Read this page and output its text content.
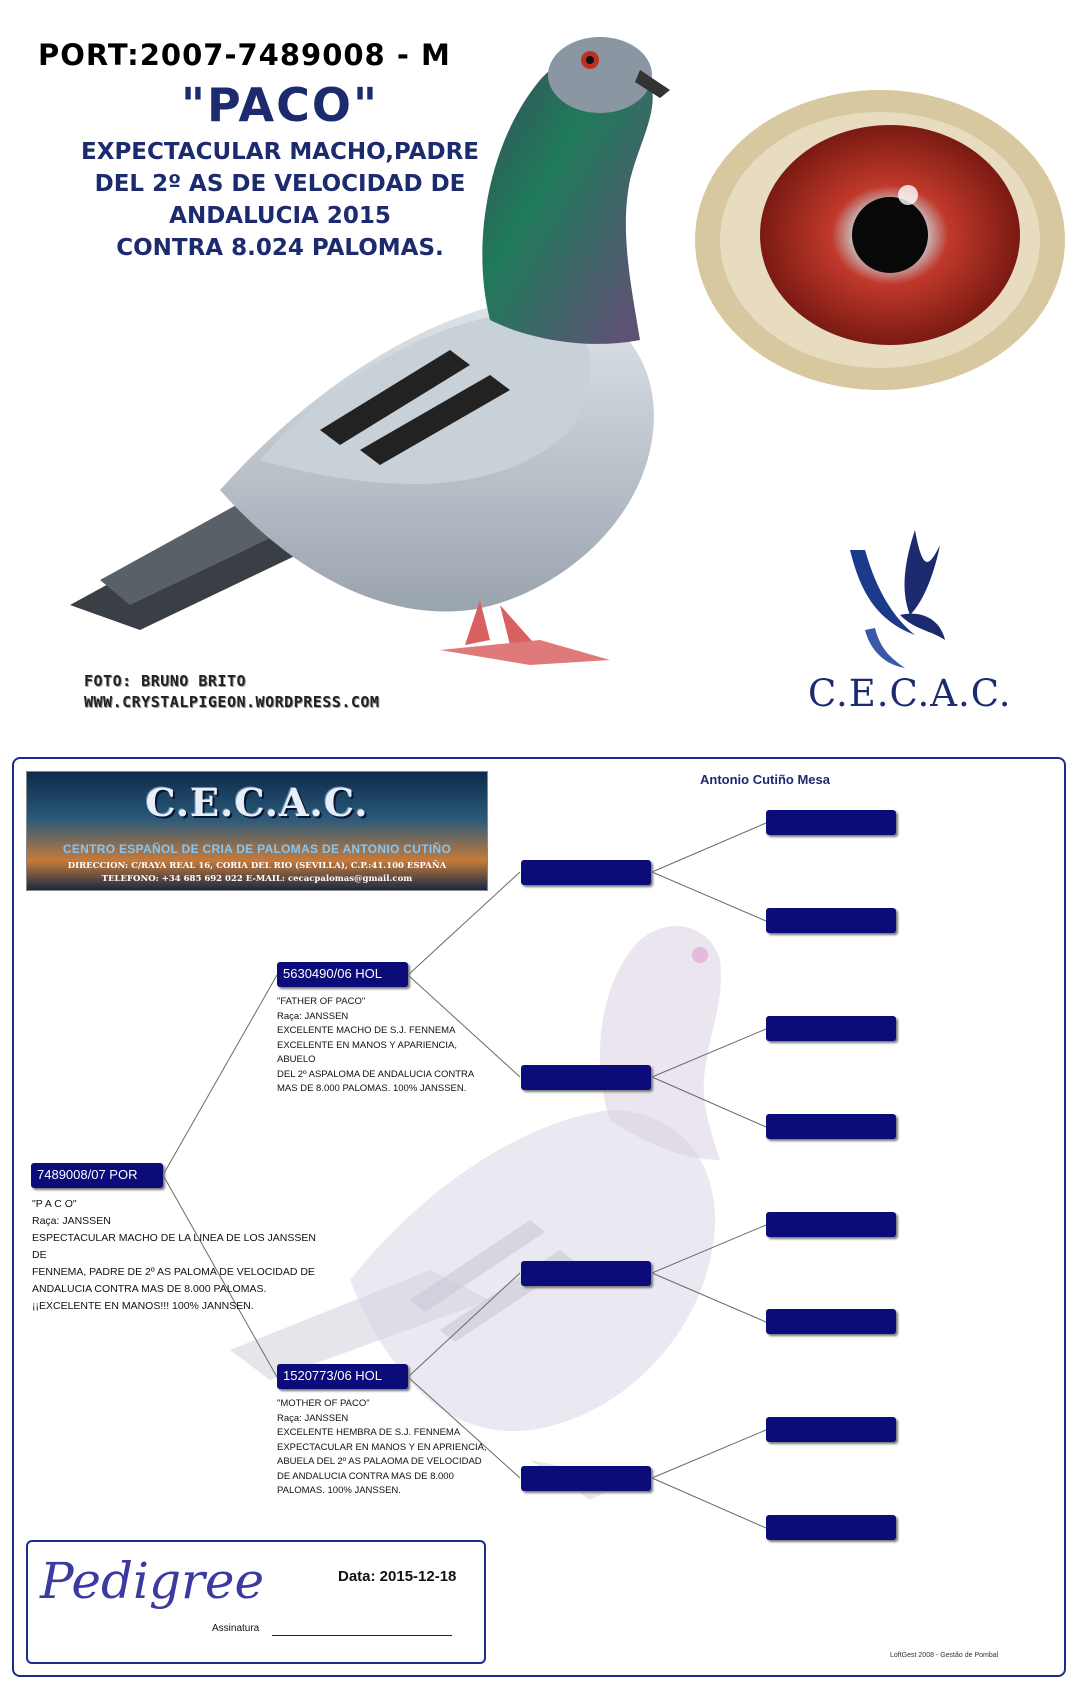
PORT:2007-7489008 - M
"PACO"
EXPECTACULAR MACHO,PADRE
DEL 2º AS DE VELOCIDAD DE
ANDALUCIA 2015
CONTRA 8.024 PALOMAS.
FOTO: BRUNO BRITO
WWW.CRYSTALPIGEON.WORDPRESS.COM	C.E.C.A.C.
C.E.C.A.C.
CENTRO ESPAÑOL DE CRIA DE PALOMAS DE ANTONIO CUTIÑO
DIRECCION: C/RAYA REAL 16, CORIA DEL RIO (SEVILLA), C.P.:41.100 ESPAÑA
TELEFONO: +34 685 692 022 E-MAIL: cecacpalomas@gmail.com
Antonio Cutiño Mesa
7489008/07 POR
"P A C O"
Raça: JANSSEN
ESPECTACULAR MACHO DE LA LINEA DE LOS JANSSEN DE
FENNEMA, PADRE DE 2º AS PALOMA DE VELOCIDAD DE
ANDALUCIA CONTRA MAS DE 8.000 PALOMAS.
¡¡EXCELENTE EN MANOS!!! 100% JANNSEN.
5630490/06 HOL
"FATHER OF PACO"
Raça: JANSSEN
EXCELENTE MACHO DE S.J. FENNEMA
EXCELENTE EN MANOS Y APARIENCIA, ABUELO
DEL 2º ASPALOMA DE ANDALUCIA CONTRA
MAS DE 8.000 PALOMAS. 100% JANSSEN.
1520773/06 HOL
"MOTHER OF PACO"
Raça: JANSSEN
EXCELENTE HEMBRA DE S.J. FENNEMA
EXPECTACULAR EN MANOS Y EN APRIENCIA,
ABUELA DEL 2º AS PALAOMA DE VELOCIDAD
DE ANDALUCIA CONTRA MAS DE 8.000
PALOMAS. 100% JANSSEN.
Pedigree	Data: 2015-12-18
Assinatura
LoftGest 2008 - Gestão de Pombal
